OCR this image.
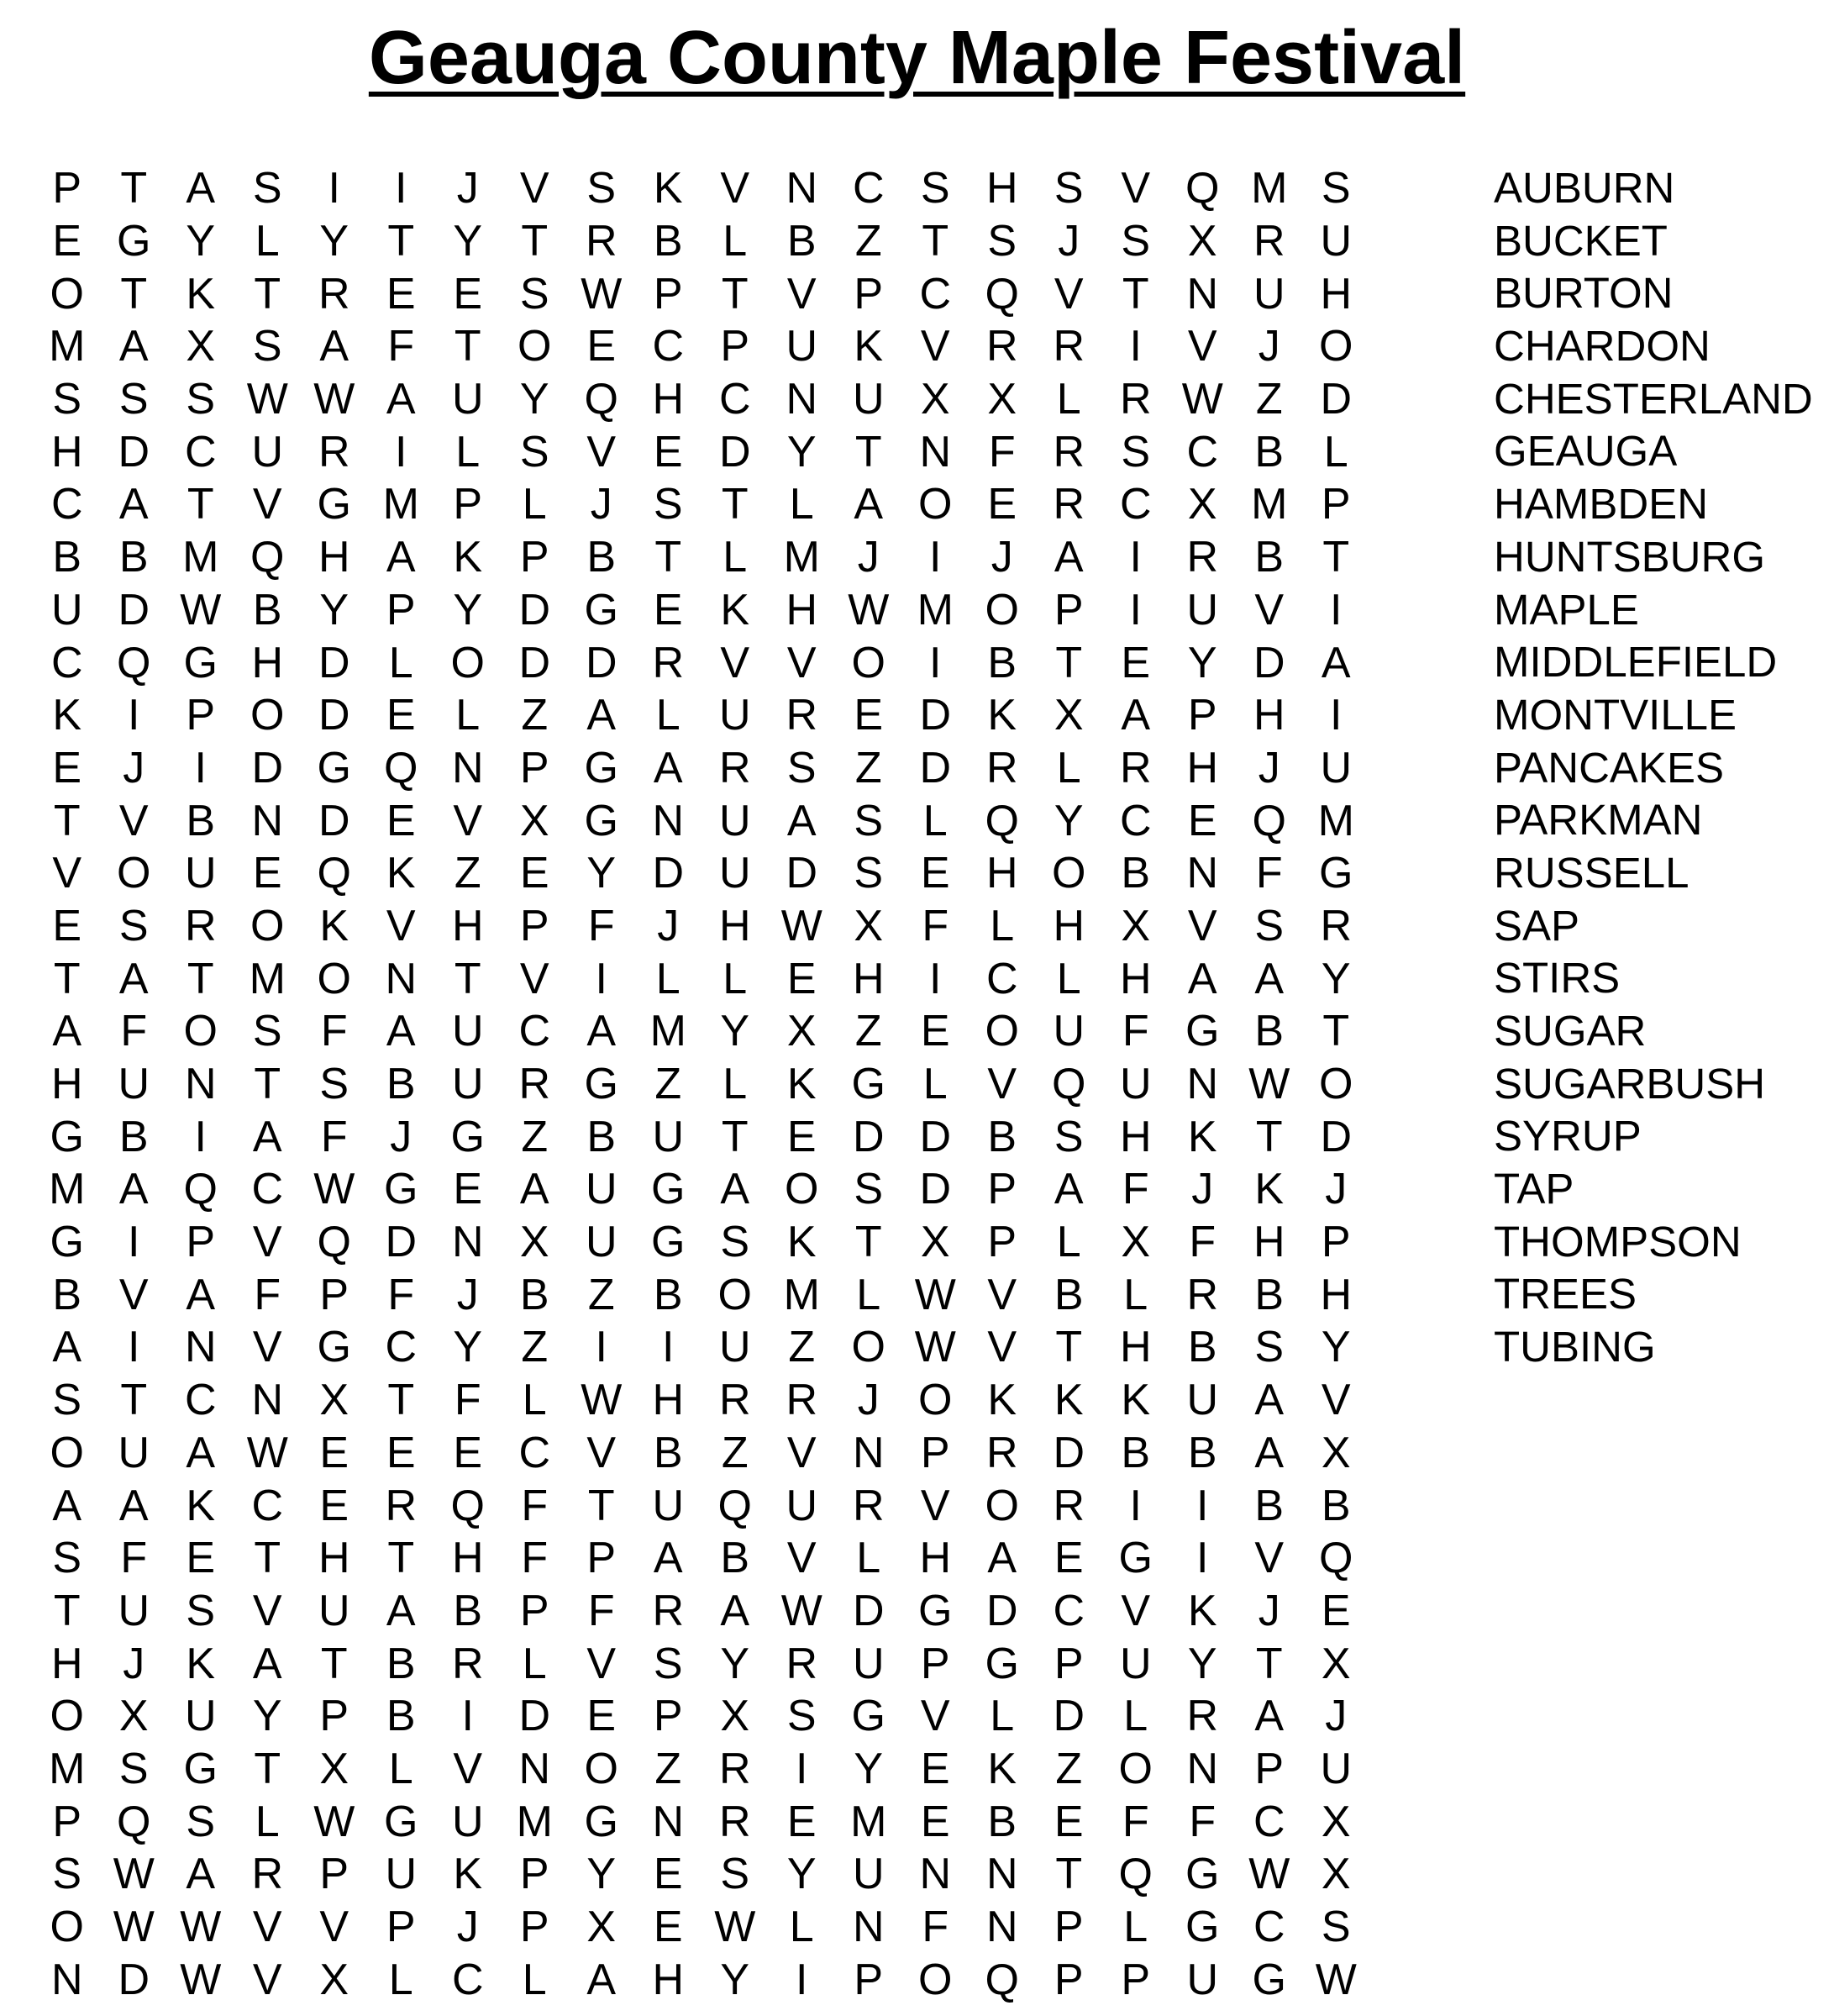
Geauga County Maple Festival
P T A S	I	I	J V S K V N C S H S V Q M S
E G Y L Y T Y T R B L B Z T S J S X R U
O T K T R E E S W P T V P C Q V T N U H
M A X S A F T O E C P U K V R R	I	V J O
S S S W W A U Y Q H C N U X X L R W Z D
H D C U R	I	L S V E D Y T N F R S C B L
C A T V G M P L	J S T L A O E R C X M P
B B M Q H A K P B T L M J	I	J A	I	R B T
U D W B Y P Y D G E K H W M O P	I	U V	I
C Q G H D L O D D R V V O	I	B T E Y D A
K	I	P O D E L Z A L U R E D K X A P H	I
E J	I	D G Q N P G A R S Z D R L R H J U
T V B N D E V X G N U A S L Q Y C E Q M
V O U E Q K Z E Y D U D S E H O B N F G
E S R O K V H P F J H W X F L H X V S R
T A T M O N T V	I	L L E H	I	C L H A A Y
A F O S F A U C A M Y X Z E O U F G B T
H U N T S B U R G Z L K G L V Q U N W O
G B	I	A F J G Z B U T E D D B S H K T D
M A Q C W G E A U G A O S D P A F J K J
G	I	P V Q D N X U G S K T X P L X F H P
B V A F P F J B Z B O M L W V B L R B H
A	I	N V G C Y Z	I	I	U Z O W V T H B S Y
S T C N X T F L W H R R J O K K K U A V
O U A W E E E C V B Z V N P R D B B A X
A A K C E R Q F T U Q U R V O R	I	I	B B
S F E T H T H F P A B V L H A E G	I	V Q
T U S V U A B P F R A W D G D C V K J E
H J K A T B R L V S Y R U P G P U Y T X
O X U Y P B	I	D E P X S G V L D L R A J
M S G T X L V N O Z R	I	Y E K Z O N P U
P Q S L W G U M G N R E M E B E F F C X
S W A R P U K P Y E S Y U N N T Q G W X
O W W V V P J P X E W L N F N P L G C S
N D W V X L C L A H Y	I	P O Q P P U G W
AUBURN
BUCKET
BURTON
CHARDON
CHESTERLAND
GEAUGA
HAMBDEN
HUNTSBURG
MAPLE
MIDDLEFIELD
MONTVILLE
PANCAKES
PARKMAN
RUSSELL
SAP
STIRS
SUGAR
SUGARBUSH
SYRUP
TAP
THOMPSON
TREES
TUBING
